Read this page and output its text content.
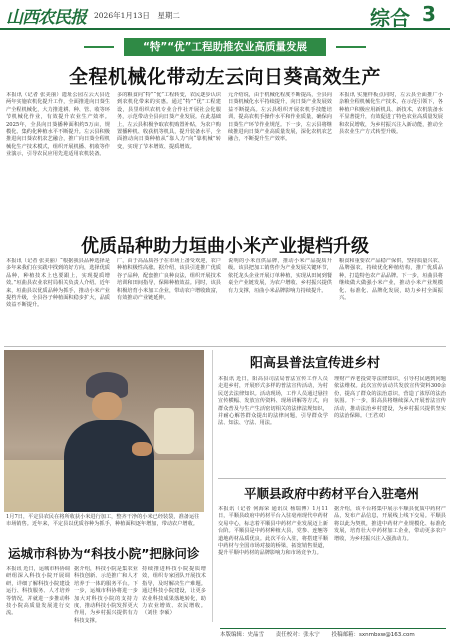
山西农民报 2026年1月13日　星期二	综合 3
“特”“优”工程助推农业高质量发展
全程机械化带动左云向日葵高效生产
本报讯（记者 张美丽）遗址公园左云大县近两年实施农机化提升工作，全面推进向日葵生产全程机械化，大力推进耕、种、管、收等环节机械化作业，有效提升农业生产效率。2025年，全县向日葵播种面积约5万亩，规模化、集约化种植水平不断提升。左云县积极推进向日葵农机农艺融合，推广向日葵全程机械化生产技术模式，组织开展机播、机收等作业演示，引导农民应用先进适用农机装备。
多的粮食向“特”“优”工程转变，农民逐步认识到农机化带来的实惠。通过“特”“优”工程建设，县里组织农机专业合作社开展社会化服务，示范带动全县向日葵产业发展。在此基础上，左云县积极争取农机购置补贴，为农户购置播种机、收获机等机具，提升装备水平，全面推动向日葵种植从“靠人力”向“靠机械”转变，实现了节本增效、提质增效。
元介绍说，由于机械化程度不断提高，全县向日葵机械化水平持续提升，向日葵产业发展效益不断提高。左云县组织开展农机手技能培训，提高农机手操作水平和作业质量，确保向日葵生产环节作业规范。下一步，左云县将继续推进向日葵产业高质量发展，深化农机农艺融合，不断提升生产效率。
本报讯 实施样板点同时，左云县全面推广小杂粮全程机械化生产技术，在示范引领下，各种植户积极应用新机具、新技术，农机装备水平显著提升，有效促进了特色农业高质量发展和农民增收，为乡村振兴注入新动能，推动全县农业生产方式转型升级。
优质品种助力垣曲小米产业提档升级
本报讯（记者 张美丽）“根据我县品种选择是多年来我们在实践中找到的好方向，选择优质品种，种植技术上也要跟上，实现提质增效。”垣曲县农业农村局相关负责人介绍。近年来，垣曲县以优质品种为抓手，推动小米产业提档升级，全县谷子种植面积稳步扩大，品质效益不断提升。
广，由于高品质谷子在市场上备受欢迎，农户种植积极性高涨。据介绍，该县引进推广优质谷子品种，配套推广良种良法，组织开展技术培训和田间指导，保障种植效益。同时，该县积极培育小米加工企业，带动农户增收致富，有效推动产业链延伸。
说明的小米直供品牌，推动小米产品提质升级。该县把加工销售作为产业发展关键环节，依托龙头企业开展订单种植，实现从田间到餐桌全产业链发展，为农户增收、乡村振兴提供有力支撑，垣曲小米品牌影响力持续提升。
粮食和重要农产品稳产保供，坚持质量兴农、品牌强农，持续优化种植结构，推广优质品种，打造特色农产品品牌。下一步，垣曲县将继续做大做强小米产业，推动小米产业规模化、标准化、品牌化发展，助力乡村全面振兴。
1月7日，平定县农民在将所收获小米进行加工，整齐干净的小米已经装袋，准备运往市场销售。近年来，平定县以优质谷种为抓手，种植面积逐年增加，带动农户增收。
阳高县普法宣传进乡村
本报讯 近日，阳高县司法局普法宣传工作人员走进乡村，开展形式多样的普法宣传活动，为村民送去法律知识。活动现场，工作人员通过悬挂宣传横幅、发放宣传资料、现场讲解等方式，向群众普及与生产生活密切相关的法律法规知识，并耐心解答群众提出的法律问题，引导群众学法、知法、守法、用法。
理财产养老投资等法律知识，引导村民遇到问题依法维权。此次宣传活动共发放宣传资料300余份，提高了群众的法治意识，营造了浓厚的法治氛围。下一步，阳高县将继续深入开展普法宣传活动，推动法治乡村建设，为乡村振兴提供坚实的法治保障。（王君双）
平顺县政府中药材平台入驻亳州
本报讯（记者 何海荣 通讯员 杨瑞博）1月11日，平顺县政府中药材平台入驻亳州现代中药材交易中心，标志着平顺县中药材产业发展迈上新台阶。平顺县是中药材种植大县，党参、连翘等道地药材品质优良。此次平台入驻，将搭建平顺中药材与全国市场对接的桥梁，拓宽销售渠道，提升平顺中药材的品牌影响力和市场竞争力。
据介绍，该平台将集中展示平顺县优质中药材产品，发布产品信息，开展线上线下交易。平顺县将以此为契机，推进中药材产业规模化、标准化发展，培育壮大中药材加工企业，带动更多农户增收，为乡村振兴注入强劲动力。
运城市科协为“科技小院”把脉问诊
本报讯 近日，运城市科协调研组深入科技小院开展调研，详细了解科技小院建设运行、科技服务、人才培养等情况，并就进一步推动科技小院高质量发展进行交流。
据介绍，科技小院是集农业科技创新、示范推广和人才培养于一体的服务平台。下一步，运城市科协将进一步加大对科技小院的支持力度，推动科技小院发挥更大作用，为乡村振兴提供有力科技支撑。
持续推进科技小院提质增效，组织专家团队开展技术指导，及时解决生产难题。通过科技小院建设，让更多农业科技成果落地转化，助力农业增效、农民增收。（刘佳 李硕）
本版编辑：史晶雪 责任校对：张永宁 投稿邮箱：sxnmbxw@163.com
